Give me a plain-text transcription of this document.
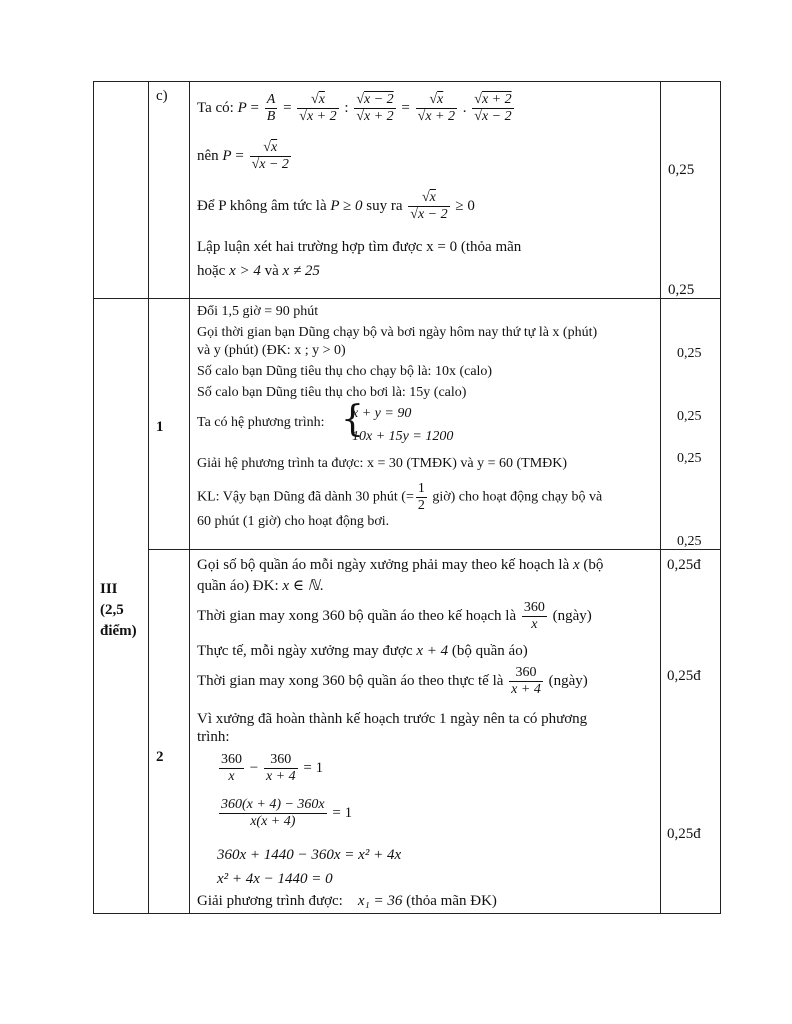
c)
Ta có: $P = \frac{A}{B} = \frac{√x}{√x + 2}$ : $\frac{√x - 2}{√x + 2} = \frac{√x}{√x + 2}$ . $\frac{√x + 2}{√x - 2}$
nên $P = \frac{√x}{√x - 2}$
Để P không âm tức là P ≥ 0 suy ra $\frac{√x}{√x - 2} \ge 0$
Lập luận xét hai trường hợp tìm được x = 0 (thỏa mãn
hoặc x > 4 và x ≠ 25
0,25
0,25
III
(2,5
điểm)
1
Đổi 1,5 giờ = 90 phút
Gọi thời gian bạn Dũng chạy bộ và bơi ngày hôm nay thứ tự là x (phút)
và y (phút) (ĐK: x ; y > 0)
Số calo bạn Dũng tiêu thụ cho chạy bộ là: 10x (calo)
Số calo bạn Dũng tiêu thụ cho bơi là: 15y (calo)
Ta có hệ phương trình: {
x + y = 90
10x + 15y = 1200
Giải hệ phương trình ta được: x = 30 (TMĐK) và y = 60 (TMĐK)
KL: Vậy bạn Dũng đã dành 30 phút (= $\frac{1}{2}$ giờ) cho hoạt động chạy bộ và
60 phút (1 giờ) cho hoạt động bơi.
0,25
0,25
0,25
0,25
2
Gọi số bộ quần áo mỗi ngày xưởng phải may theo kế hoạch là x (bộ
quần áo) ĐK: x ∈ ℕ.
Thời gian may xong 360 bộ quần áo theo kế hoạch là $\frac{360}{x}$ (ngày)
Thực tế, mỗi ngày xưởng may được x + 4 (bộ quần áo)
Thời gian may xong 360 bộ quần áo theo thực tế là $\frac{360}{x + 4}$ (ngày)
Vì xưởng đã hoàn thành kế hoạch trước 1 ngày nên ta có phương
trình:
$\frac{360}{x} - \frac{360}{x + 4} = 1$
$\frac{360(x + 4) - 360x}{x(x + 4)} = 1$
360x + 1440 − 360x = x² + 4x
x² + 4x − 1440 = 0
Giải phương trình được: x₁ = 36 (thỏa mãn ĐK)
0,25đ
0,25đ
0,25đ
